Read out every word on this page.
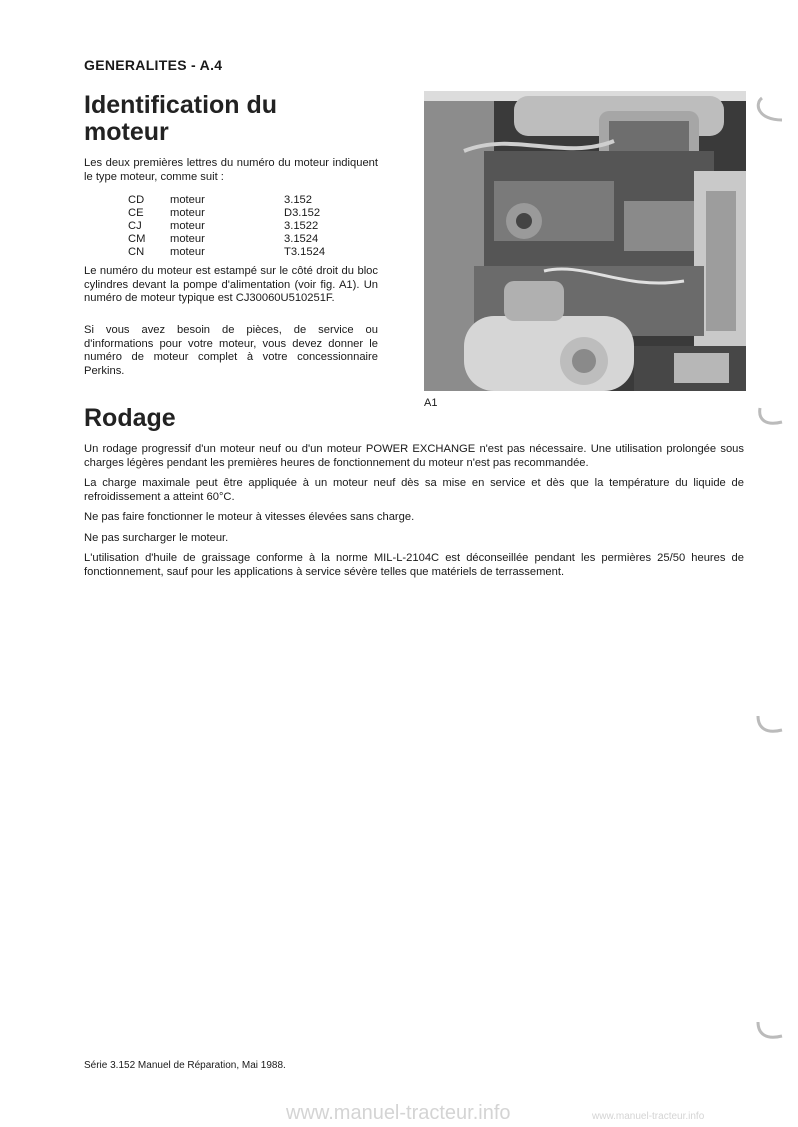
GENERALITES - A.4
Identification du
moteur
Les deux premières lettres du numéro du moteur indiquent le type moteur, comme suit :
CD	moteur	3.152
CE	moteur	D3.152
CJ	moteur	3.1522
CM	moteur	3.1524
CN	moteur	T3.1524

Le numéro du moteur est estampé sur le côté droit du bloc cylindres devant la pompe d'alimentation (voir fig. A1). Un numéro de moteur typique est CJ30060U510251F.

Si vous avez besoin de pièces, de service ou d'informations pour votre moteur, vous devez donner le numéro de moteur complet à votre concessionnaire Perkins.

A1
Rodage

Un rodage progressif d'un moteur neuf ou d'un moteur POWER EXCHANGE n'est pas nécessaire. Une utilisation prolongée sous charges légères pendant les premières heures de fonctionnement du moteur n'est pas recommandée.

La charge maximale peut être appliquée à un moteur neuf dès sa mise en service et dès que la température du liquide de refroidissement a atteint 60°C.

Ne pas faire fonctionner le moteur à vitesses élevées sans charge.

Ne pas surcharger le moteur.

L'utilisation d'huile de graissage conforme à la norme MIL-L-2104C est déconseillée pendant les permières 25/50 heures de fonctionnement, sauf pour les applications à service sévère telles que matériels de terrassement.

Série 3.152 Manuel de Réparation, Mai 1988.
www.manuel-tracteur.info	www.manuel-tracteur.info
